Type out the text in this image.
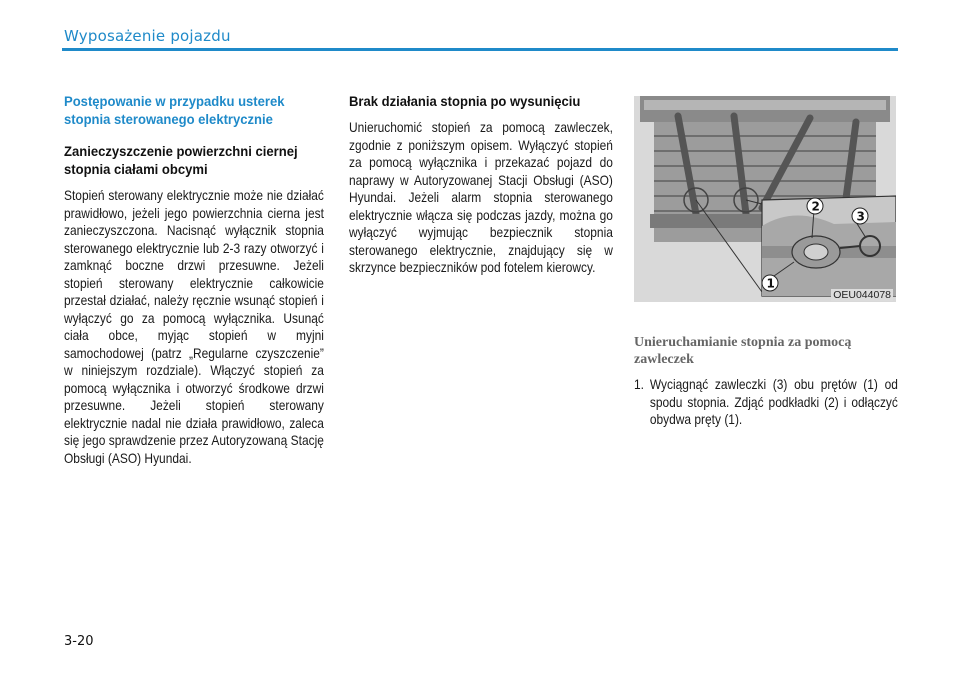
Wyposażenie pojazdu
Postępowanie w przypadku usterek stopnia sterowanego elektrycznie
Zanieczyszczenie powierzchni ciernej stopnia ciałami obcymi

Stopień sterowany elektrycznie może nie działać prawidłowo, jeżeli jego powierzchnia cierna jest zanieczyszczona. Nacisnąć wyłącznik stopnia sterowanego elektrycznie lub 2-3 razy otworzyć i zamknąć boczne drzwi przesuwne. Jeżeli stopień sterowany elektrycznie całkowicie przestał działać, należy ręcznie wsunąć stopień i wyłączyć go za pomocą wyłącznika. Usunąć ciała obce, myjąc stopień w myjni samochodowej (patrz „Regularne czyszczenie” w niniejszym rozdziale). Włączyć stopień za pomocą wyłącznika i otworzyć środkowe drzwi przesuwne. Jeżeli stopień sterowany elektrycznie nadal nie działa prawidłowo, zaleca się jego sprawdzenie przez Autoryzowaną Stację Obsługi (ASO) Hyundai.

Brak działania stopnia po wysunięciu

Unieruchomić stopień za pomocą zawleczek, zgodnie z poniższym opisem. Wyłączyć stopień za pomocą wyłącznika i przekazać pojazd do naprawy w Autoryzowanej Stacji Obsługi (ASO) Hyundai. Jeżeli alarm stopnia sterowanego elektrycznie włącza się podczas jazdy, można go wyłączyć wyjmując bezpiecznik stopnia sterowanego elektrycznie, znajdujący się w skrzynce bezpieczników pod fotelem kierowcy.

2
3
1
OEU044078
Unieruchamianie stopnia za pomocą zawleczek
1. Wyciągnąć zawleczki (3) obu prętów (1) od spodu stopnia. Zdjąć podkładki (2) i odłączyć obydwa pręty (1).
3-20
